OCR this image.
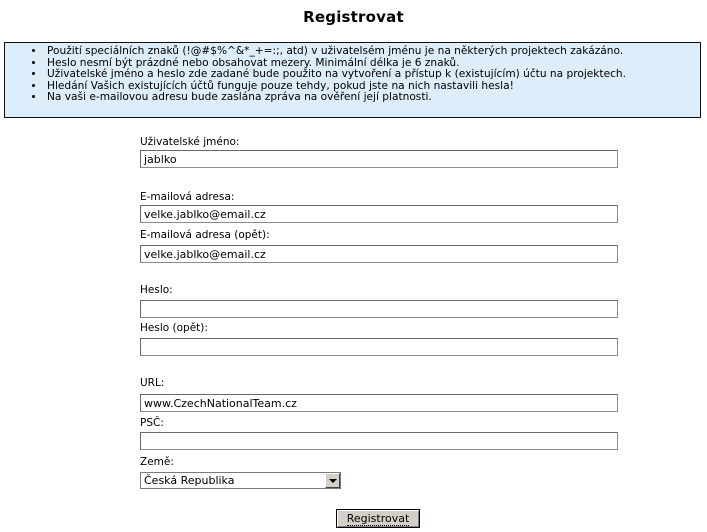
Registrovat
• Použití speciálních znaků (!@#$%^&*_+=:;, atd) v uživatelsém jménu je na některých projektech zakázáno.
• Heslo nesmí být prázdné nebo obsahovat mezery. Minimální délka je 6 znaků.
• Uživatelské jméno a heslo zde zadané bude použito na vytvoření a přístup k (existujícím) účtu na projektech.
• Hledání Vašich existujících účtů funguje pouze tehdy, pokud jste na nich nastavili hesla!
• Na vaši e-mailovou adresu bude zaslána zpráva na ověření její platnosti.
Uživatelské jméno:
jablko
E-mailová adresa:
velke.jablko@email.cz
E-mailová adresa (opět):
velke.jablko@email.cz
Heslo:
Heslo (opět):
URL:
www.CzechNationalTeam.cz
PSČ:
Země:
Česká Republika
Registrovat
